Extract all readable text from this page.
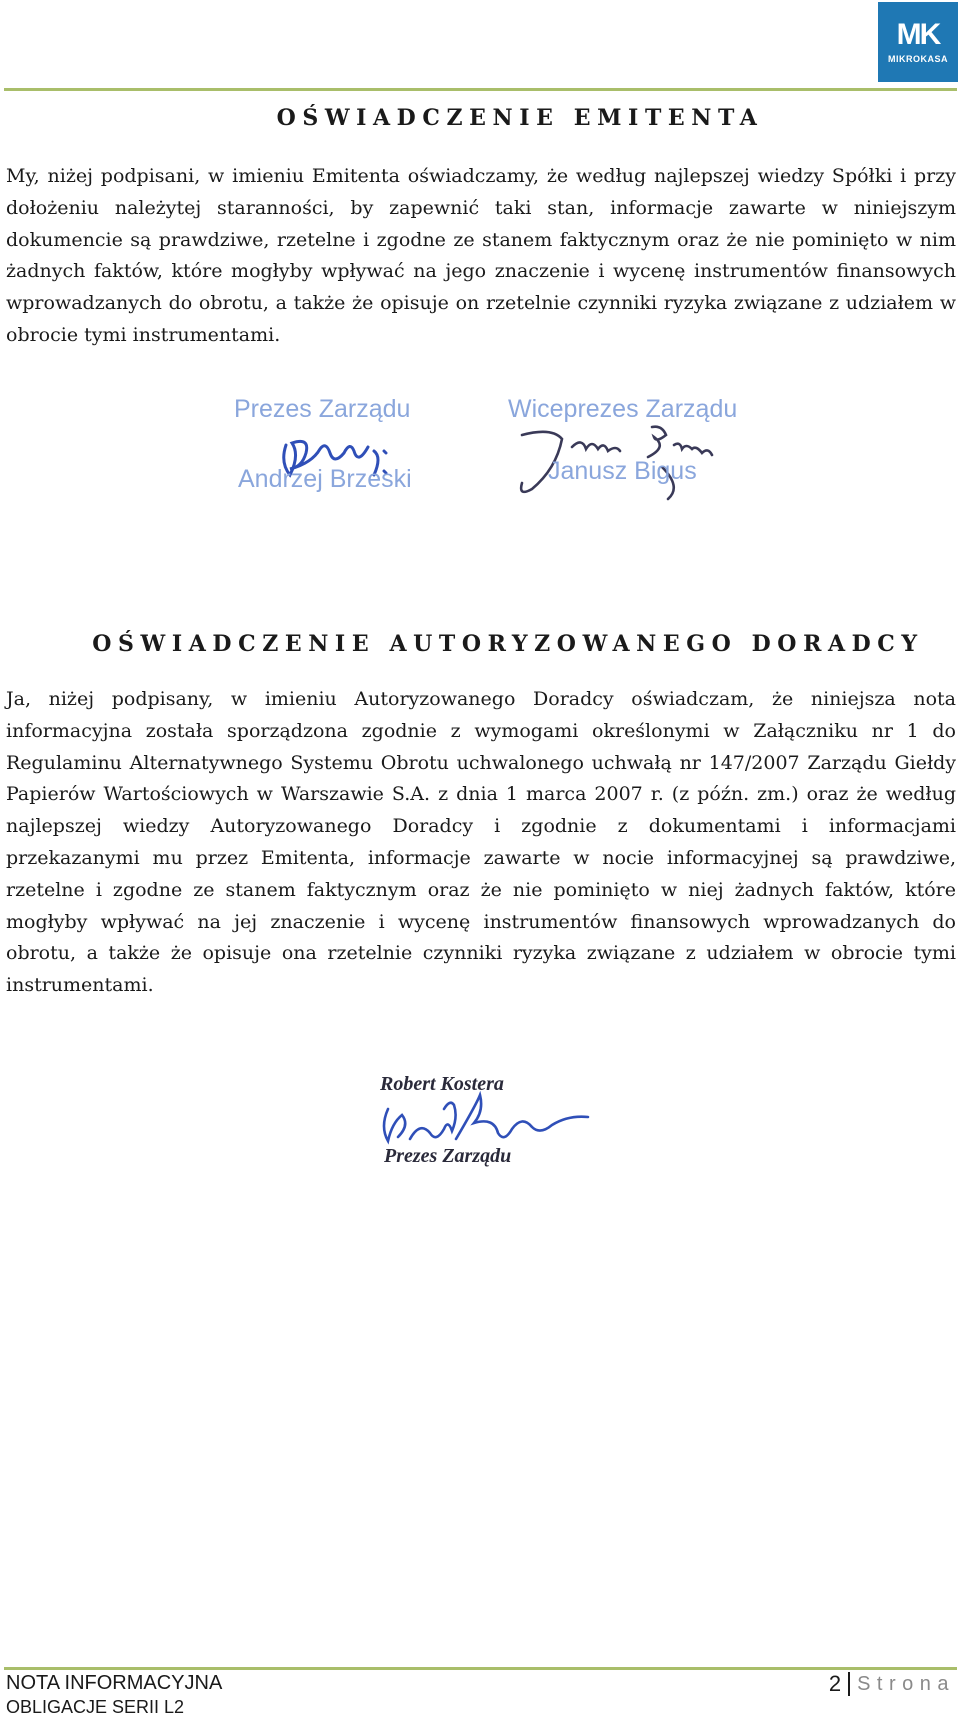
MK
MIKROKASA
OŚWIADCZENIE EMITENTA

My, niżej podpisani, w imieniu Emitenta oświadczamy, że według najlepszej wiedzy Spółki i przy dołożeniu należytej staranności, by zapewnić taki stan, informacje zawarte w niniejszym dokumencie są prawdziwe, rzetelne i zgodne ze stanem faktycznym oraz że nie pominięto w nim żadnych faktów, które mogłyby wpływać na jego znaczenie i wycenę instrumentów finansowych wprowadzanych do obrotu, a także że opisuje on rzetelnie czynniki ryzyka związane z udziałem w obrocie tymi instrumentami.

Prezes Zarządu
Andrzej Brzeski
Wiceprezes Zarządu
Janusz Bigus
OŚWIADCZENIE AUTORYZOWANEGO DORADCY

Ja, niżej podpisany, w imieniu Autoryzowanego Doradcy oświadczam, że niniejsza nota informacyjna została sporządzona zgodnie z wymogami określonymi w Załączniku nr 1 do Regulaminu Alternatywnego Systemu Obrotu uchwalonego uchwałą nr 147/2007 Zarządu Giełdy Papierów Wartościowych w Warszawie S.A. z dnia 1 marca 2007 r. (z późn. zm.) oraz że według najlepszej wiedzy Autoryzowanego Doradcy i zgodnie z dokumentami i informacjami przekazanymi mu przez Emitenta, informacje zawarte w nocie informacyjnej są prawdziwe, rzetelne i zgodne ze stanem faktycznym oraz że nie pominięto w niej żadnych faktów, które mogłyby wpływać na jej znaczenie i wycenę instrumentów finansowych wprowadzanych do obrotu, a także że opisuje ona rzetelnie czynniki ryzyka związane z udziałem w obrocie tymi instrumentami.

Robert Kostera
Prezes Zarządu
NOTA INFORMACYJNA
OBLIGACJE SERII L2
2 Strona
